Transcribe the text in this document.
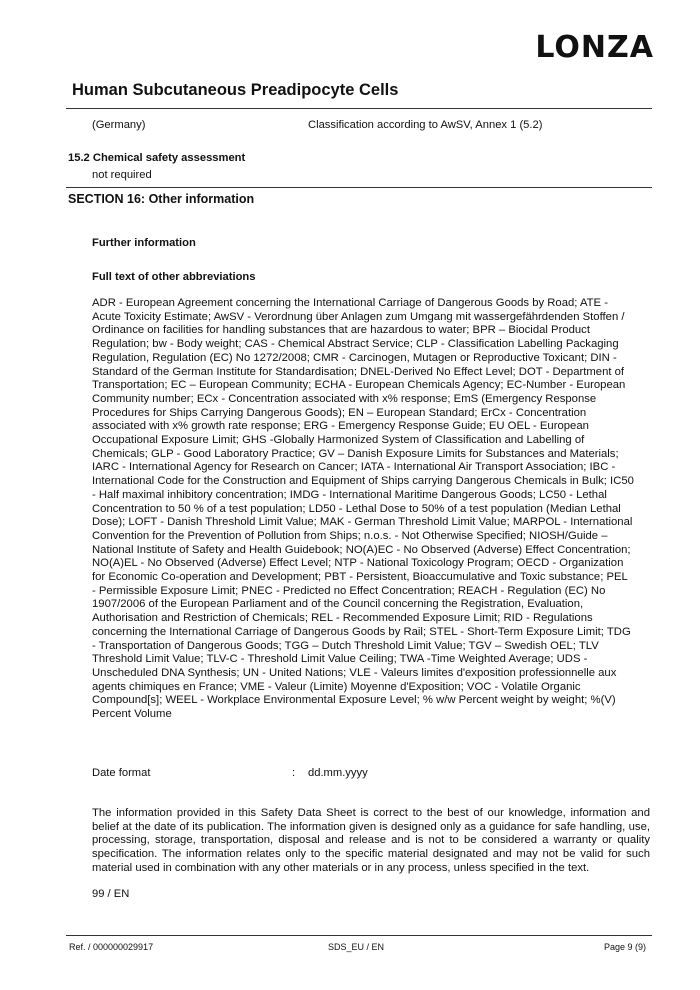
LONZA
Human Subcutaneous Preadipocyte Cells
(Germany)	Classification according to AwSV, Annex 1 (5.2)
15.2 Chemical safety assessment
not required
SECTION 16: Other information
Further information
Full text of other abbreviations
ADR - European Agreement concerning the International Carriage of Dangerous Goods by Road; ATE - Acute Toxicity Estimate; AwSV - Verordnung über Anlagen zum Umgang mit wassergefährdenden Stoffen / Ordinance on facilities for handling substances that are hazardous to water; BPR – Biocidal Product Regulation; bw - Body weight; CAS - Chemical Abstract Service; CLP - Classification Labelling Packaging Regulation, Regulation (EC) No 1272/2008; CMR - Carcinogen, Mutagen or Reproductive Toxicant; DIN - Standard of the German Institute for Standardisation; DNEL-Derived No Effect Level; DOT - Department of Transportation; EC – European Community; ECHA - European Chemicals Agency; EC-Number - European Community number; ECx - Concentration associated with x% response; EmS (Emergency Response Procedures for Ships Carrying Dangerous Goods); EN – European Standard; ErCx - Concentration associated with x% growth rate response; ERG - Emergency Response Guide; EU OEL - European Occupational Exposure Limit; GHS -Globally Harmonized System of Classification and Labelling of Chemicals; GLP - Good Laboratory Practice; GV – Danish Exposure Limits for Substances and Materials; IARC - International Agency for Research on Cancer; IATA - International Air Transport Association; IBC - International Code for the Construction and Equipment of Ships carrying Dangerous Chemicals in Bulk; IC50 - Half maximal inhibitory concentration; IMDG - International Maritime Dangerous Goods; LC50 - Lethal Concentration to 50 % of a test population; LD50 - Lethal Dose to 50% of a test population (Median Lethal Dose); LOFT - Danish Threshold Limit Value; MAK - German Threshold Limit Value; MARPOL - International Convention for the Prevention of Pollution from Ships; n.o.s. - Not Otherwise Specified; NIOSH/Guide – National Institute of Safety and Health Guidebook; NO(A)EC - No Observed (Adverse) Effect Concentration; NO(A)EL - No Observed (Adverse) Effect Level; NTP - National Toxicology Program; OECD - Organization for Economic Co-operation and Development; PBT - Persistent, Bioaccumulative and Toxic substance; PEL - Permissible Exposure Limit; PNEC - Predicted no Effect Concentration; REACH - Regulation (EC) No 1907/2006 of the European Parliament and of the Council concerning the Registration, Evaluation, Authorisation and Restriction of Chemicals; REL - Recommended Exposure Limit; RID - Regulations concerning the International Carriage of Dangerous Goods by Rail; STEL - Short-Term Exposure Limit; TDG - Transportation of Dangerous Goods; TGG – Dutch Threshold Limit Value; TGV – Swedish OEL; TLV Threshold Limit Value; TLV-C - Threshold Limit Value Ceiling; TWA -Time Weighted Average; UDS - Unscheduled DNA Synthesis; UN - United Nations; VLE - Valeurs limites d'exposition professionnelle aux agents chimiques en France; VME - Valeur (Limite) Moyenne d'Exposition; VOC - Volatile Organic Compound[s]; WEEL - Workplace Environmental Exposure Level; % w/w Percent weight by weight; %(V) Percent Volume
Date format	: dd.mm.yyyy
The information provided in this Safety Data Sheet is correct to the best of our knowledge, information and belief at the date of its publication. The information given is designed only as a guidance for safe handling, use, processing, storage, transportation, disposal and release and is not to be considered a warranty or quality specification. The information relates only to the specific material designated and may not be valid for such material used in combination with any other materials or in any process, unless specified in the text.
99 / EN
Ref. / 000000029917	SDS_EU / EN	Page 9 (9)
